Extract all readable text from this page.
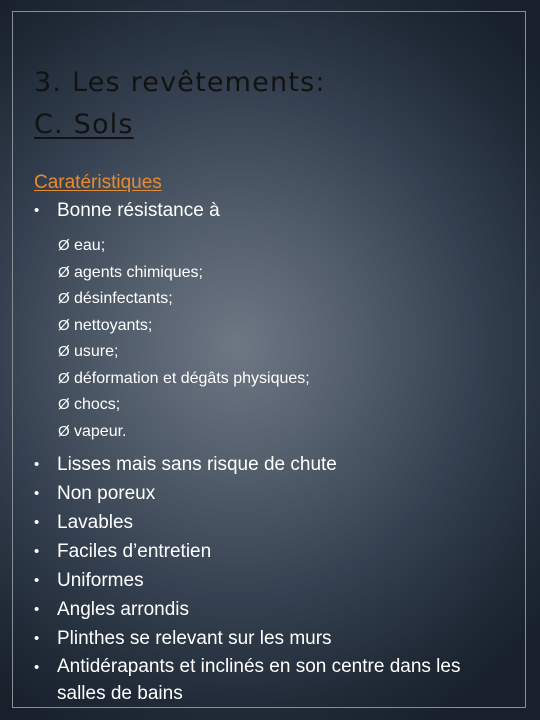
3. Les revêtements:
C. Sols
Caratéristiques
• Bonne résistance à
Ø eau;
Ø agents chimiques;
Ø désinfectants;
Ø nettoyants;
Ø usure;
Ø déformation et dégâts physiques;
Ø chocs;
Ø vapeur.
• Lisses mais sans risque de chute
• Non poreux
• Lavables
• Faciles d’entretien
• Uniformes
• Angles arrondis
• Plinthes se relevant sur les murs
• Antidérapants et inclinés en son centre dans les salles de bains
